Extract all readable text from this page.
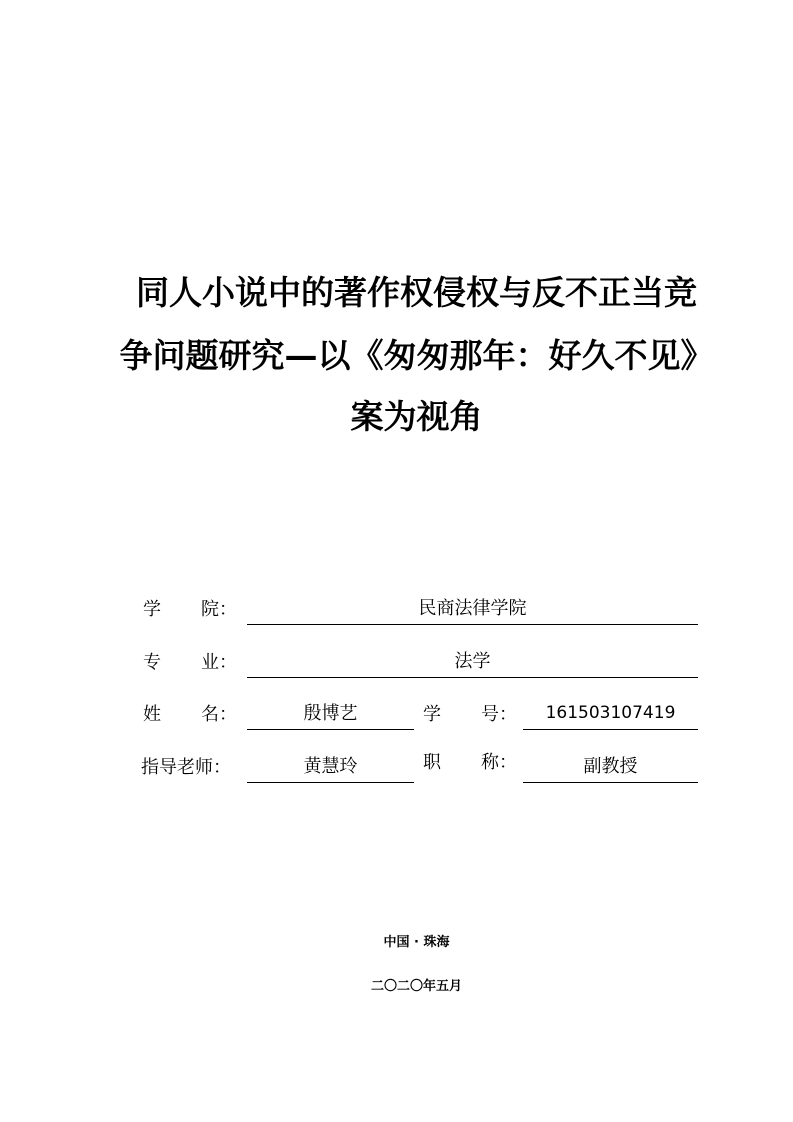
同人小说中的著作权侵权与反不正当竞
争问题研究—以《匆匆那年：好久不见》
案为视角
学 院：	民商法律学院
专 业：	法学
姓 名：	殷博艺	学 号：	161503107419
指导老师：	黄慧玲	职 称：	副教授
中国 · 珠海
二〇二〇年五月
